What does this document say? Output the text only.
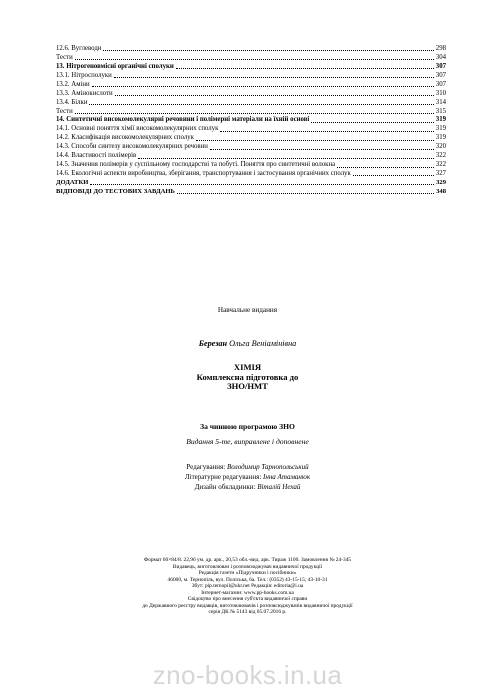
12.6. Вуглеводи	298
Тести	304
13. Нітрогеновмісні органічні сполуки	307
13.1. Нітросполуки	307
13.2. Аміни	307
13.3. Амінокислоти	310
13.4. Білки	314
Тести	315
14. Синтетичні високомолекулярні речовини і полімерні матеріали на їхній основі	319
14.1. Основні поняття хімії високомолекулярних сполук	319
14.2. Класифікація високомолекулярних сполук	319
14.3. Способи синтезу високомолекулярних речовин	320
14.4. Властивості полімерів	322
14.5. Значення полімерів у суспільному господарстві та побуті. Поняття про синтетичні волокна	322
14.6. Екологічні аспекти виробництва, зберігання, транспортування і застосування органічних сполук	327
ДОДАТКИ	329
ВІДПОВІДІ ДО ТЕСТОВИХ ЗАВДАНЬ	348
Навчальне видання
Березан Ольга Веніамінівна
ХІМІЯ
Комплексна підготовка до
ЗНО/НМТ
За чинною програмою ЗНО
Видання 5-те, виправлене і доповнене
Редагування: Володимир Тарнопольський
Літературне редагування: Інна Атаманюк
Дизайн обкладинки: Віталій Нехай
Формат 60×84/8. 22,96 ум. др. арк., 20,53 обл.-вид. арк. Тираж 1100. Замовлення № 24-345
Видавець, виготовлювач і розповсюджувач видавничої продукції
Редакція газети «Підручники і посібники»
46000, м. Тернопіль, вул. Поліська, 6а. Тел.: (0352) 43-15-15; 43-10-31
Збут: pip.ternopil@ukr.net Редакція: editoria@i.ua
Інтернет-магазин: www.pp-books.com.ua
Свідоцтво про внесення суб'єкта видавничої справи
до Державного реєстру видавців, виготовлювачів і розповсюджувачів видавничої продукції
серія ДК № 5143 від 05.07.2016 р.
zno-books.in.ua
